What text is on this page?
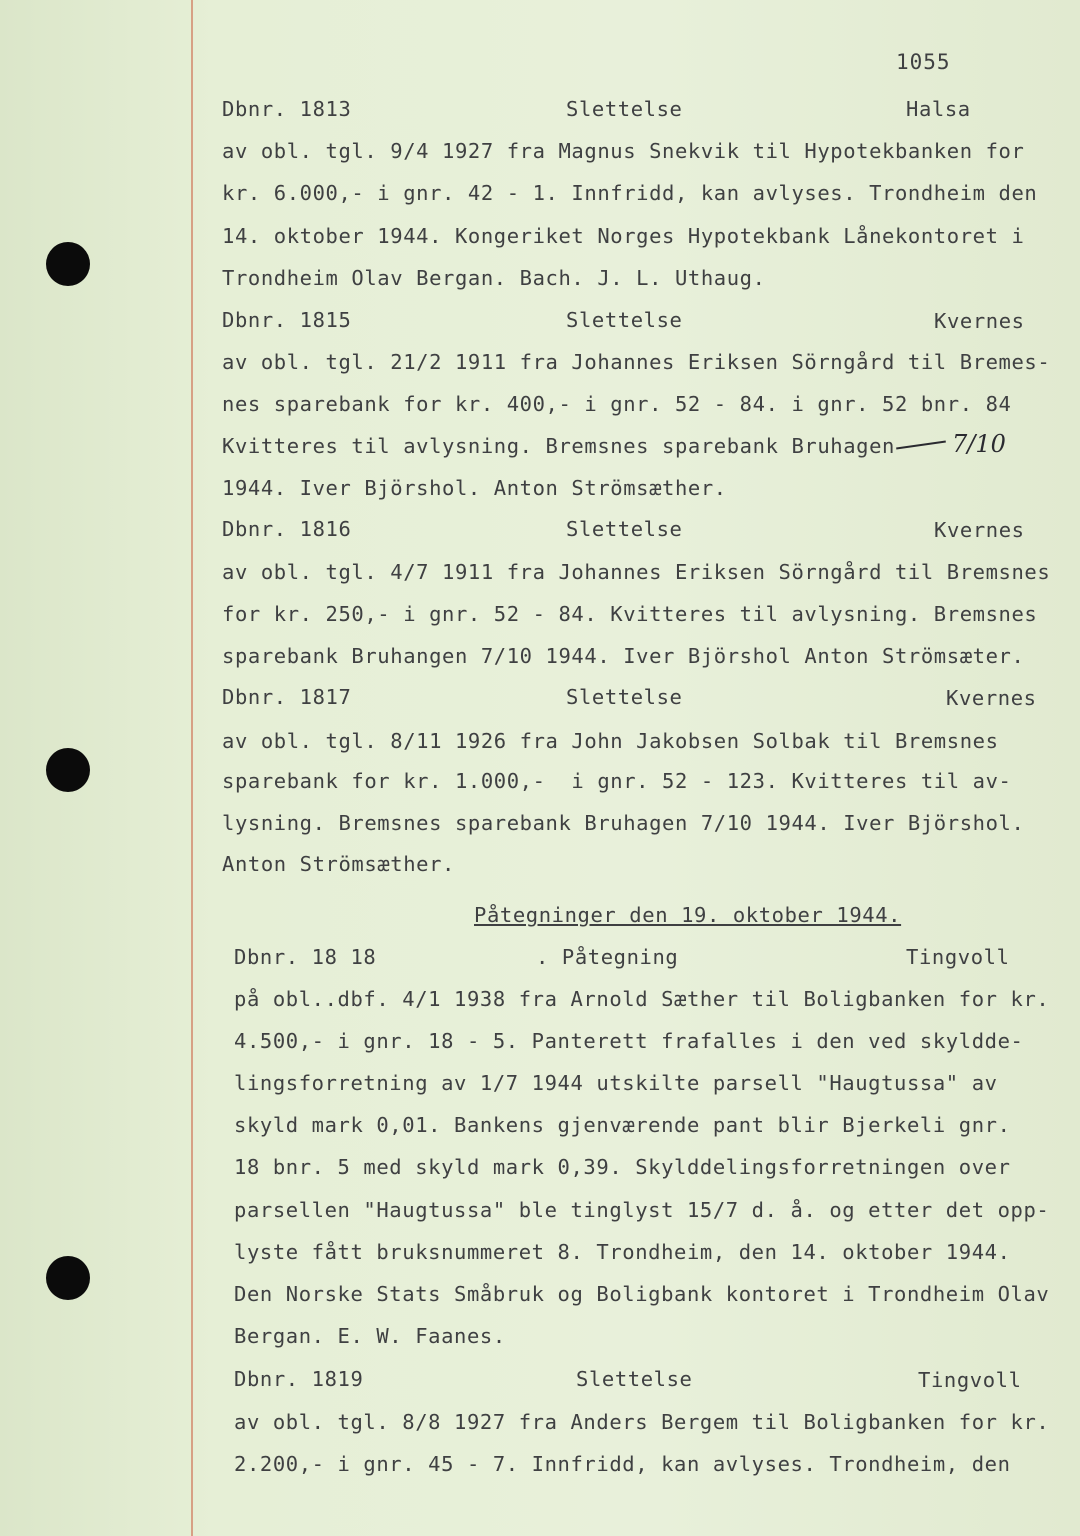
1055
Dbnr. 1813	Slettelse	Halsa
av obl. tgl. 9/4 1927 fra Magnus Snekvik til Hypotekbanken for
kr. 6.000,- i gnr. 42 - 1. Innfridd, kan avlyses. Trondheim den
14. oktober 1944. Kongeriket Norges Hypotekbank Lånekontoret i
Trondheim Olav Bergan. Bach. J. L. Uthaug.
Dbnr. 1815	Slettelse	Kvernes
av obl. tgl. 21/2 1911 fra Johannes Eriksen Sörngård til Bremes-
nes sparebank for kr. 400,- i gnr. 52 - 84. i gnr. 52 bnr. 84
Kvitteres til avlysning. Bremsnes sparebank Bruhagen 7/10
1944. Iver Björshol. Anton Strömsæther.
Dbnr. 1816	Slettelse	Kvernes
av obl. tgl. 4/7 1911 fra Johannes Eriksen Sörngård til Bremsnes
for kr. 250,- i gnr. 52 - 84. Kvitteres til avlysning. Bremsnes
sparebank Bruhangen 7/10 1944. Iver Björshol Anton Strömsæter.
Dbnr. 1817	Slettelse	Kvernes
av obl. tgl. 8/11 1926 fra John Jakobsen Solbak til Bremsnes
sparebank for kr. 1.000,-  i gnr. 52 - 123. Kvitteres til av-
lysning. Bremsnes sparebank Bruhagen 7/10 1944. Iver Björshol.
Anton Strömsæther.
Påtegninger den 19. oktober 1944.
Dbnr. 18 18	. Påtegning	Tingvoll
på obl..dbf. 4/1 1938 fra Arnold Sæther til Boligbanken for kr.
4.500,- i gnr. 18 - 5. Panterett frafalles i den ved skyldde-
lingsforretning av 1/7 1944 utskilte parsell "Haugtussa" av
skyld mark 0,01. Bankens gjenværende pant blir Bjerkeli gnr.
18 bnr. 5 med skyld mark 0,39. Skylddelingsforretningen over
parsellen "Haugtussa" ble tinglyst 15/7 d. å. og etter det opp-
lyste fått bruksnummeret 8. Trondheim, den 14. oktober 1944.
Den Norske Stats Småbruk og Boligbank kontoret i Trondheim Olav
Bergan. E. W. Faanes.
Dbnr. 1819	Slettelse	Tingvoll
av obl. tgl. 8/8 1927 fra Anders Bergem til Boligbanken for kr.
2.200,- i gnr. 45 - 7. Innfridd, kan avlyses. Trondheim, den
